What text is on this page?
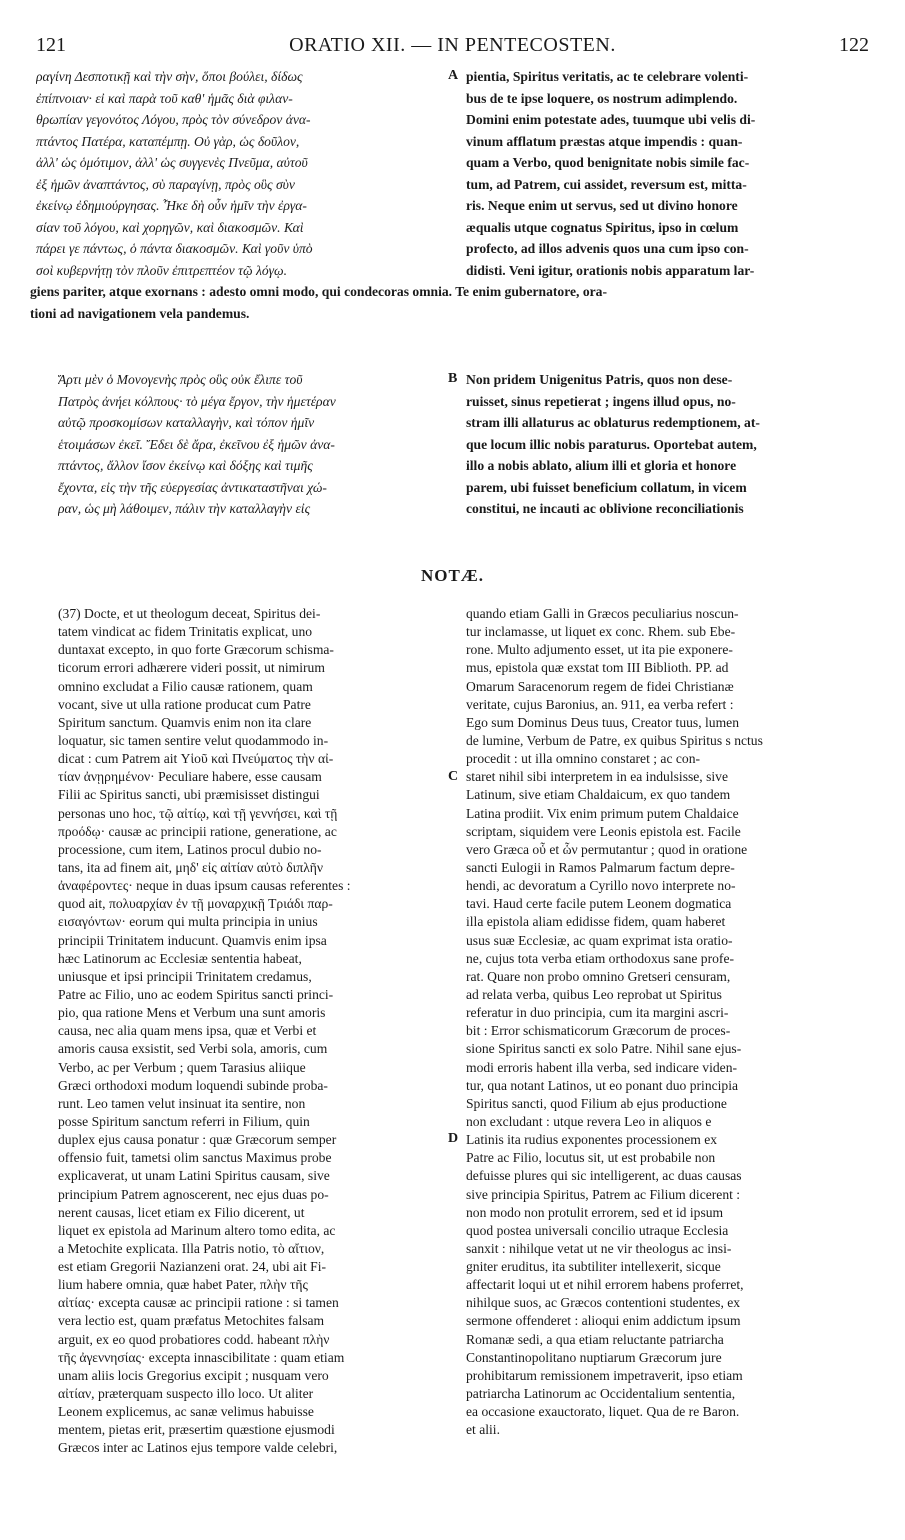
121	ORATIO XII. — IN PENTECOSTEN.	122
ραγίνη Δεσποτικῇ καὶ τὴν σὴν, ὅποι βούλει, δίδως
ἐπίπνοιαν· εἰ καὶ παρὰ τοῦ καθ' ἡμᾶς διὰ φιλαν-
θρωπίαν γεγονότος Λόγου, πρὸς τὸν σύνεδρον ἀνα-
πτάντος Πατέρα, καταπέμπῃ. Οὐ γὰρ, ὡς δοῦλον,
ἀλλ' ὡς ὁμότιμον, ἀλλ' ὡς συγγενὲς Πνεῦμα, αὐτοῦ
ἐξ ἡμῶν ἀναπτάντος, σὺ παραγίνῃ, πρὸς οὓς σὺν
ἐκείνῳ ἐδημιούργησας. Ἧκε δὴ οὖν ἡμῖν τὴν ἐργα-
σίαν τοῦ λόγου, καὶ χορηγῶν, καὶ διακοσμῶν. Καὶ
πάρει γε πάντως, ὁ πάντα διακοσμῶν. Καὶ γοῦν ὑπὸ
σοὶ κυβερνήτῃ τὸν πλοῦν ἐπιτρεπτέον τῷ λόγῳ.
A pientia, Spiritus veritatis, ac te celebrare volenti-
bus de te ipse loquere, os nostrum adimplendo.
Domini enim potestate ades, tuumque ubi velis di-
vinum afflatum præstas atque impendis : quan-
quam a Verbo, quod benignitate nobis simile fac-
tum, ad Patrem, cui assidet, reversum est, mitta-
ris. Neque enim ut servus, sed ut divino honore
æqualis utque cognatus Spiritus, ipso in cœlum
profecto, ad illos advenis quos una cum ipso con-
didisti. Veni igitur, orationis nobis apparatum lar-
giens pariter, atque exornans : adesto omni modo, qui condecoras omnia. Te enim gubernatore, ora-
tioni ad navigationem vela pandemus.
Ἄρτι μὲν ὁ Μονογενὴς πρὸς οὓς οὐκ ἔλιπε τοῦ
Πατρὸς ἀνήει κόλπους· τὸ μέγα ἔργον, τὴν ἡμετέραν
αὐτῷ προσκομίσων καταλλαγὴν, καὶ τόπον ἡμῖν
ἑτοιμάσων ἐκεῖ. Ἔδει δὲ ἄρα, ἐκεῖνου ἐξ ἡμῶν ἀνα-
πτάντος, ἄλλον ἴσον ἐκείνῳ καὶ δόξης καὶ τιμῆς
ἔχοντα, εἰς τὴν τῆς εὐεργεσίας ἀντικαταστῆναι χώ-
ραν, ὡς μὴ λάθοιμεν, πάλιν τὴν καταλλαγὴν εἰς
B Non pridem Unigenitus Patris, quos non dese-
ruisset, sinus repetierat ; ingens illud opus, no-
stram illi allaturus ac oblaturus redemptionem, at-
que locum illic nobis paraturus. Oportebat autem,
illo a nobis ablato, alium illi et gloria et honore
parem, ubi fuisset beneficium collatum, in vicem
constitui, ne incauti ac oblivione reconciliationis
NOTÆ.
(37) Docte, et ut theologum deceat, Spiritus dei-
tatem vindicat ac fidem Trinitatis explicat, uno
duntaxat excepto, in quo forte Græcorum schisma-
ticorum errori adhærere videri possit, ut nimirum
omnino excludat a Filio causæ rationem, quam
vocant, sive ut ulla ratione producat cum Patre
Spiritum sanctum. Quamvis enim non ita clare
loquatur, sic tamen sentire velut quodammodo in-
dicat : cum Patrem ait Υἱοῦ καὶ Πνεύματος τὴν αἰ-
τίαν ἀνῃρημένον· Peculiare habere, esse causam
Filii ac Spiritus sancti, ubi præmisisset distingui
personas uno hoc, τῷ αἰτίῳ, καὶ τῇ γεννήσει, καὶ τῇ
προόδῳ· causæ ac principii ratione, generatione, ac
processione, cum item, Latinos procul dubio no-
tans, ita ad finem ait, μηδ' εἰς αἰτίαν αὐτὸ διπλῆν
ἀναφέροντες· neque in duas ipsum causas referentes :
quod ait, πολυαρχίαν ἐν τῇ μοναρχικῇ Τριάδι παρ-
εισαγόντων· eorum qui multa principia in unius
principii Trinitatem inducunt. Quamvis enim ipsa
hæc Latinorum ac Ecclesiæ sententia habeat,
uniusque et ipsi principii Trinitatem credamus,
Patre ac Filio, uno ac eodem Spiritus sancti princi-
pio, qua ratione Mens et Verbum una sunt amoris
causa, nec alia quam mens ipsa, quæ et Verbi et
amoris causa exsistit, sed Verbi sola, amoris, cum
Verbo, ac per Verbum ; quem Tarasius aliique
Græci orthodoxi modum loquendi subinde proba-
runt. Leo tamen velut insinuat ita sentire, non
posse Spiritum sanctum referri in Filium, quin
duplex ejus causa ponatur : quæ Græcorum semper
offensio fuit, tametsi olim sanctus Maximus probe
explicaverat, ut unam Latini Spiritus causam, sive
principium Patrem agnoscerent, nec ejus duas po-
nerent causas, licet etiam ex Filio dicerent, ut
liquet ex epistola ad Marinum altero tomo edita, ac
a Metochite explicata. Illa Patris notio, τὸ αἴτιον,
est etiam Gregorii Nazianzeni orat. 24, ubi ait Fi-
lium habere omnia, quæ habet Pater, πλὴν τῆς
αἰτίας· excepta causæ ac principii ratione : si tamen
vera lectio est, quam præfatus Metochites falsam
arguit, ex eo quod probatiores codd. habeant πλὴν
τῆς ἀγεννησίας· excepta innascibilitate : quam etiam
unam aliis locis Gregorius excipit ; nusquam vero
αἰτίαν, præterquam suspecto illo loco. Ut aliter
Leonem explicemus, ac sanæ velimus habuisse
mentem, pietas erit, præsertim quæstione ejusmodi
Græcos inter ac Latinos ejus tempore valde celebri,
C
D
quando etiam Galli in Græcos peculiarius noscun-
tur inclamasse, ut liquet ex conc. Rhem. sub Ebe-
rone. Multo adjumento esset, ut ita pie exponere-
mus, epistola quæ exstat tom III Biblioth. PP. ad
Omarum Saracenorum regem de fidei Christianæ
veritate, cujus Baronius, an. 911, ea verba refert :
Ego sum Dominus Deus tuus, Creator tuus, lumen
de lumine, Verbum de Patre, ex quibus Spiritus s nctus
procedit : ut illa omnino constaret ; ac con-
staret nihil sibi interpretem in ea indulsisse, sive
Latinum, sive etiam Chaldaicum, ex quo tandem
Latina prodiit. Vix enim primum putem Chaldaice
scriptam, siquidem vere Leonis epistola est. Facile
vero Græca οὖ et ὧν permutantur ; quod in oratione
sancti Eulogii in Ramos Palmarum factum depre-
hendi, ac devoratum a Cyrillo novo interprete no-
tavi. Haud certe facile putem Leonem dogmatica
illa epistola aliam edidisse fidem, quam haberet
usus suæ Ecclesiæ, ac quam exprimat ista oratio-
ne, cujus tota verba etiam orthodoxus sane profe-
rat. Quare non probo omnino Gretseri censuram,
ad relata verba, quibus Leo reprobat ut Spiritus
referatur in duo principia, cum ita margini ascri-
bit : Error schismaticorum Græcorum de proces-
sione Spiritus sancti ex solo Patre. Nihil sane ejus-
modi erroris habent illa verba, sed indicare viden-
tur, qua notant Latinos, ut eo ponant duo principia
Spiritus sancti, quod Filium ab ejus productione
non excludant : utque revera Leo in aliquos e
Latinis ita rudius exponentes processionem ex
Patre ac Filio, locutus sit, ut est probabile non
defuisse plures qui sic intelligerent, ac duas causas
sive principia Spiritus, Patrem ac Filium dicerent :
non modo non protulit errorem, sed et id ipsum
quod postea universali concilio utraque Ecclesia
sanxit : nihilque vetat ut ne vir theologus ac insi-
gniter eruditus, ita subtiliter intellexerit, sicque
affectarit loqui ut et nihil errorem habens proferret,
nihilque suos, ac Græcos contentioni studentes, ex
sermone offenderet : alioqui enim addictum ipsum
Romanæ sedi, a qua etiam reluctante patriarcha
Constantinopolitano nuptiarum Græcorum jure
prohibitarum remissionem impetraverit, ipso etiam
patriarcha Latinorum ac Occidentalium sententia,
ea occasione exauctorato, liquet. Qua de re Baron.
et alii.
